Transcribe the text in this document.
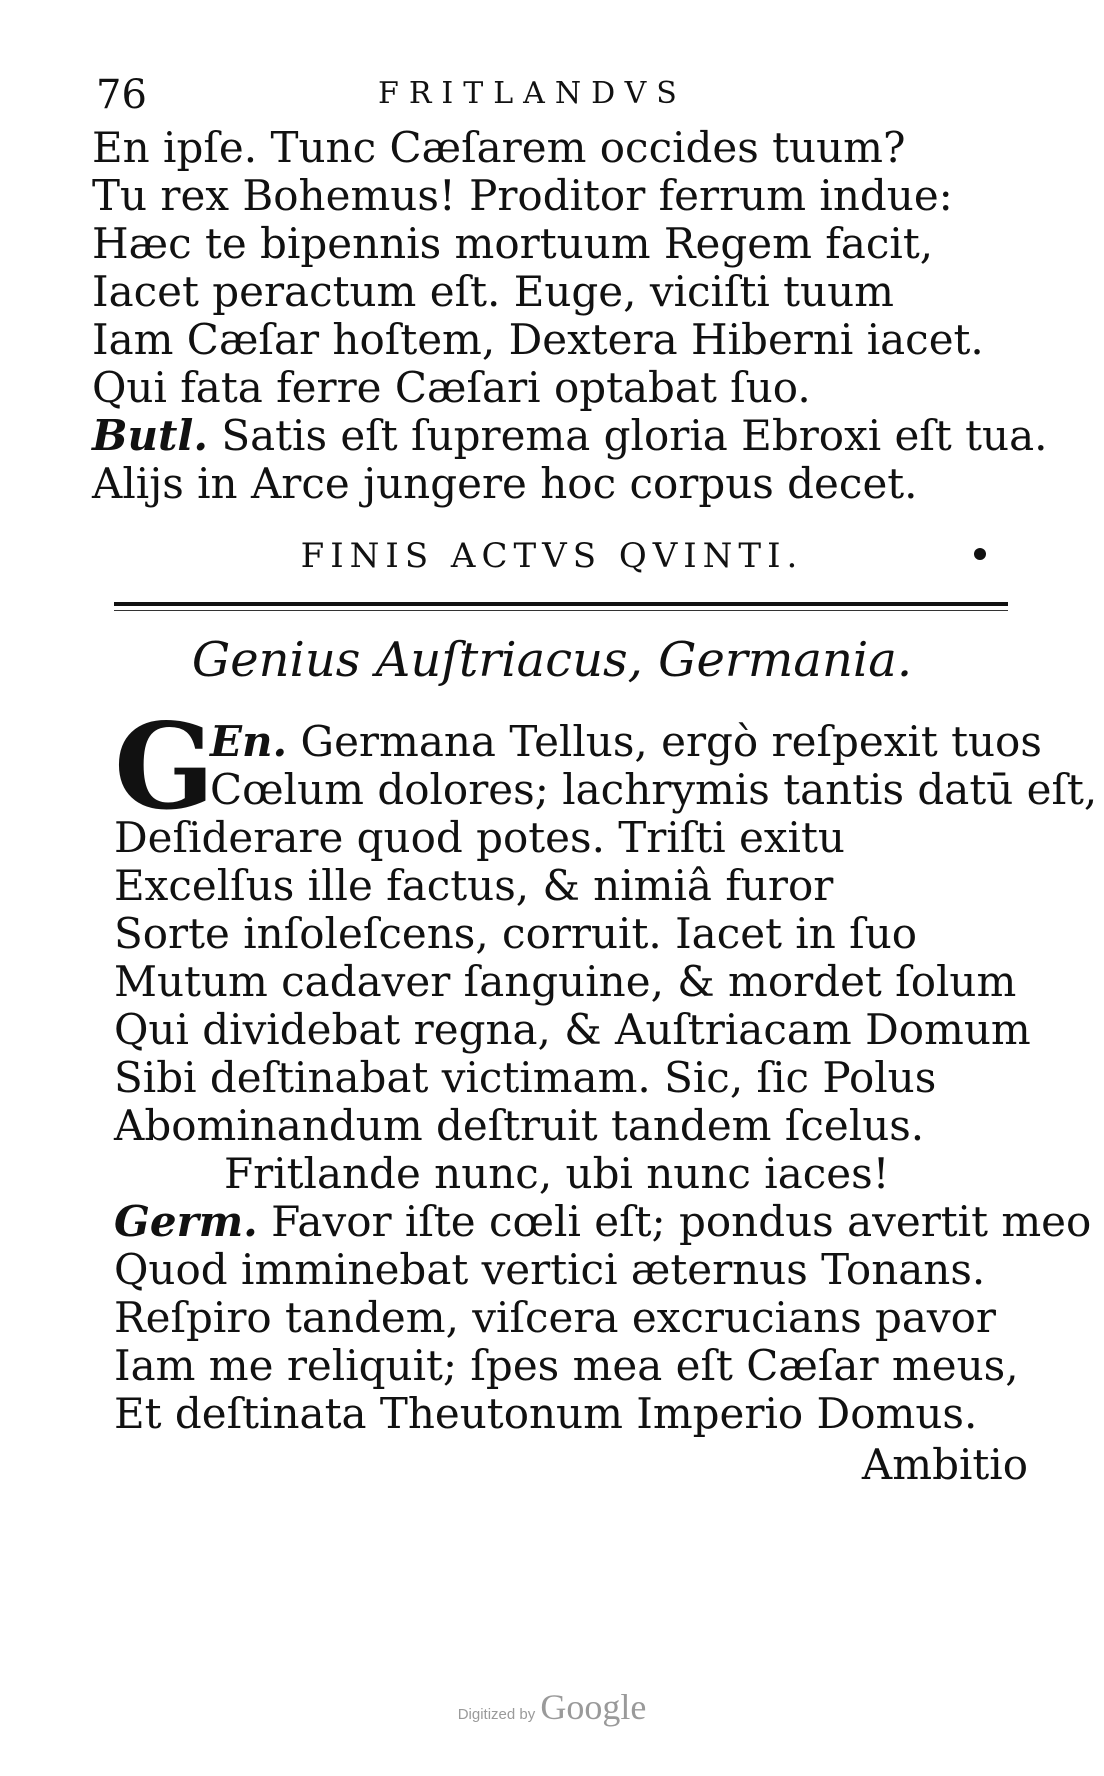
76	FRITLANDVS
En ipſe. Tunc Cæſarem occides tuum?
Tu rex Bohemus! Proditor ferrum indue:
Hæc te bipennis mortuum Regem facit,
Iacet peractum eſt. Euge, viciſti tuum
Iam Cæſar hoſtem, Dextera Hiberni iacet.
Qui fata ferre Cæſari optabat ſuo.
Butl. Satis eſt ſuprema gloria Ebroxi eſt tua.
Alijs in Arce jungere hoc corpus decet.
FINIS ACTVS QVINTI.
Genius Auſtriacus, Germania.
G
En. Germana Tellus, ergò reſpexit tuos
Cœlum dolores; lachrymis tantis datū eſt,
Deſiderare quod potes. Triſti exitu
Excelſus ille factus, & nimiâ furor
Sorte inſoleſcens, corruit. Iacet in ſuo
Mutum cadaver ſanguine, & mordet ſolum
Qui dividebat regna, & Auſtriacam Domum
Sibi deſtinabat victimam. Sic, ſic Polus
Abominandum deſtruit tandem ſcelus.
Fritlande nunc, ubi nunc iaces!
Germ. Favor iſte cœli eſt; pondus avertit meo
Quod imminebat vertici æternus Tonans.
Reſpiro tandem, viſcera excrucians pavor
Iam me reliquit; ſpes mea eſt Cæſar meus,
Et deſtinata Theutonum Imperio Domus.
Ambitio
Digitized by Google
